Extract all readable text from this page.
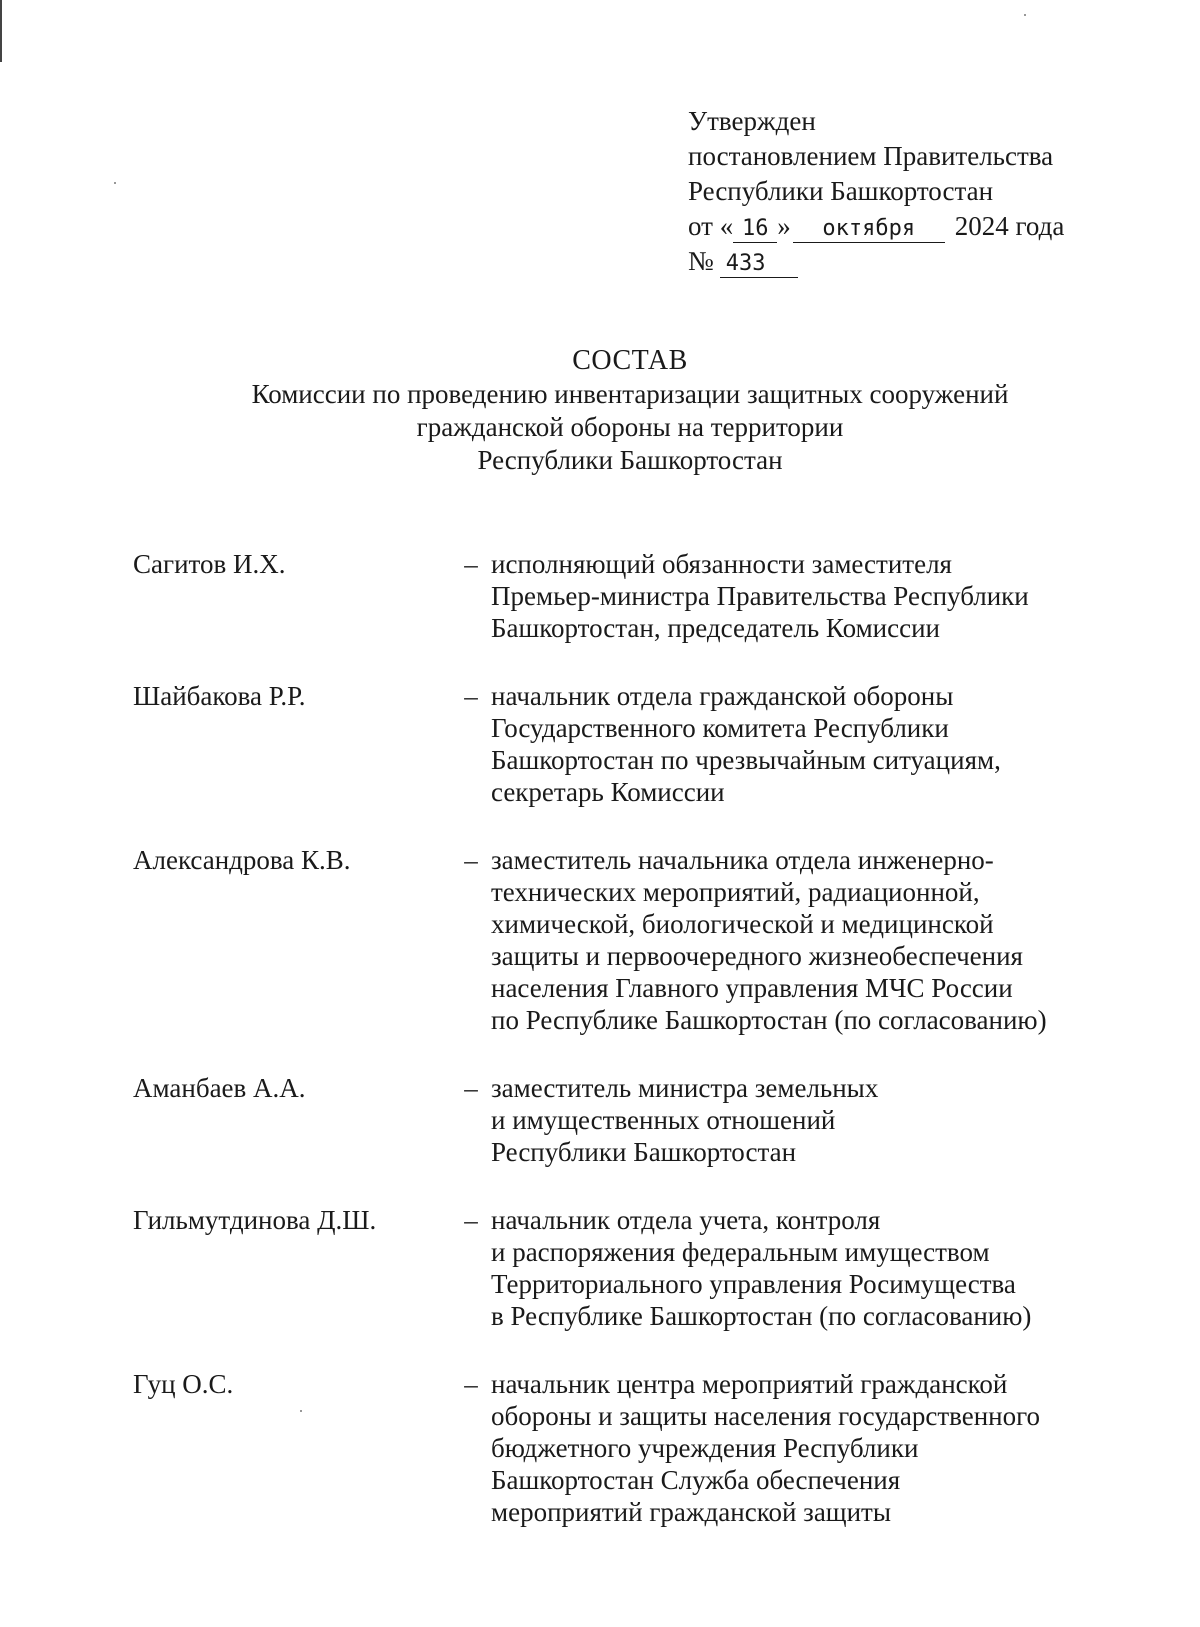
Утвержден
постановлением Правительства
Республики Башкортостан
от « 16 » октября 2024 года
№ 433
СОСТАВ
Комиссии по проведению инвентаризации защитных сооружений
гражданской обороны на территории
Республики Башкортостан
Сагитов И.Х.	– исполняющий обязанности заместителя
Премьер-министра Правительства Республики
Башкортостан, председатель Комиссии
Шайбакова Р.Р.	– начальник отдела гражданской обороны
Государственного комитета Республики
Башкортостан по чрезвычайным ситуациям,
секретарь Комиссии
Александрова К.В.	– заместитель начальника отдела инженерно-
технических мероприятий, радиационной,
химической, биологической и медицинской
защиты и первоочередного жизнеобеспечения
населения Главного управления МЧС России
по Республике Башкортостан (по согласованию)
Аманбаев А.А.	– заместитель министра земельных
и имущественных отношений
Республики Башкортостан
Гильмутдинова Д.Ш.	– начальник отдела учета, контроля
и распоряжения федеральным имуществом
Территориального управления Росимущества
в Республике Башкортостан (по согласованию)
Гуц О.С.	– начальник центра мероприятий гражданской
обороны и защиты населения государственного
бюджетного учреждения Республики
Башкортостан Служба обеспечения
мероприятий гражданской защиты
